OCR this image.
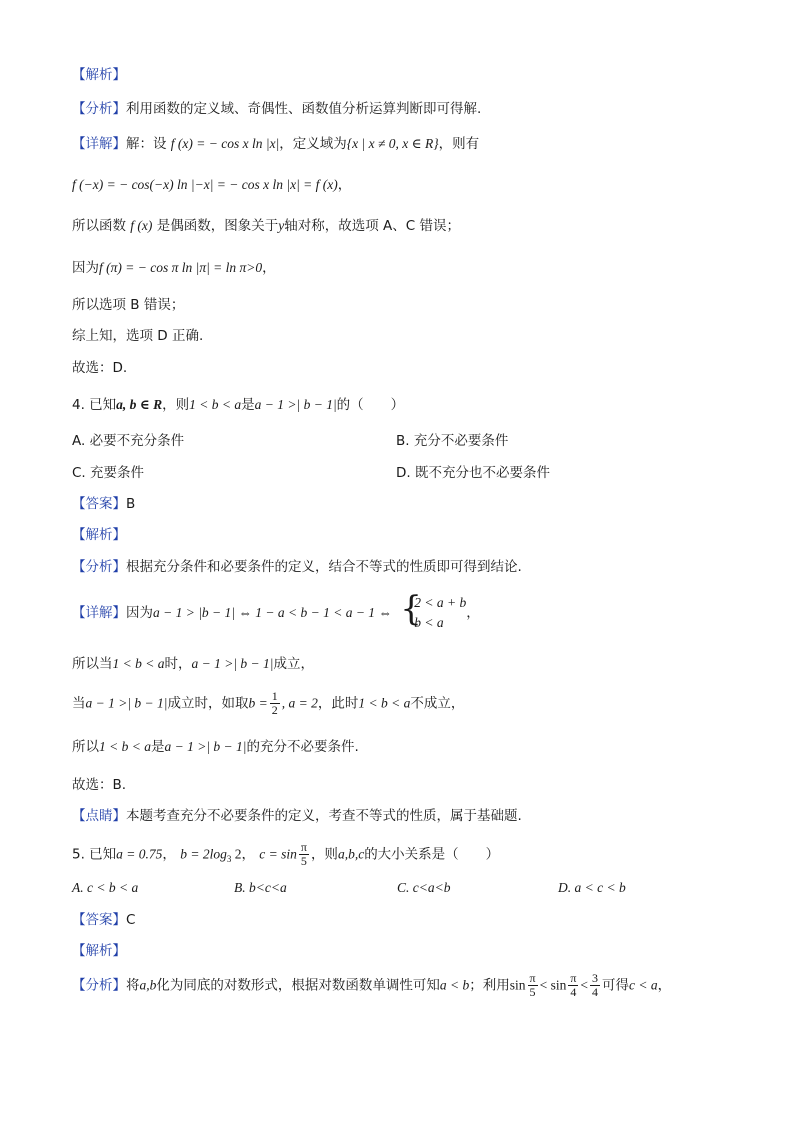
【解析】
【分析】利用函数的定义域、奇偶性、函数值分析运算判断即可得解.
【详解】解：设 f (x) = − cos x ln |x|，定义域为{x | x ≠ 0, x ∈ R}，则有
f (−x) = − cos(−x) ln |−x| = − cos x ln |x| = f (x)，
所以函数 f (x) 是偶函数，图象关于y轴对称，故选项 A、C 错误；
因为f (π) = − cos π ln |π| = ln π>0，
所以选项 B 错误；
综上知，选项 D 正确.
故选：D.
4. 已知a, b ∈ R，则1 < b < a是a − 1 >| b − 1|的（　　）
A. 必要不充分条件	B. 充分不必要条件
C. 充要条件	D. 既不充分也不必要条件
【答案】B
【解析】
【分析】根据充分条件和必要条件的定义，结合不等式的性质即可得到结论.
【详解】因为a − 1 > |b − 1| ⇔ 1 − a < b − 1 < a − 1 ⇔ {
2 < a + b
b < a
，
所以当1 < b < a时，a − 1 >| b − 1|成立，
当a − 1 >| b − 1|成立时，如取$b = \frac{1}{2}$ , a = 2，此时1 < b < a不成立，
所以1 < b < a是a − 1 >| b − 1|的充分不必要条件.
故选：B.
【点睛】本题考查充分不必要条件的定义，考查不等式的性质，属于基础题.
5. 已知a = 0.75， $b = 2\log_3$ 2， $c = \sin \frac{\pi}{5}$ ，则a,b,c的大小关系是（　　）
A. c < b < a	B. b<c<a	C. c<a<b	D. a < c < b
【答案】C
【解析】
【分析】将a,b化为同底的对数形式，根据对数函数单调性可知a < b；利用$\sin \frac{\pi}{5} < \sin \frac{\pi}{4} < \frac{3}{4}$ 可得c < a，
